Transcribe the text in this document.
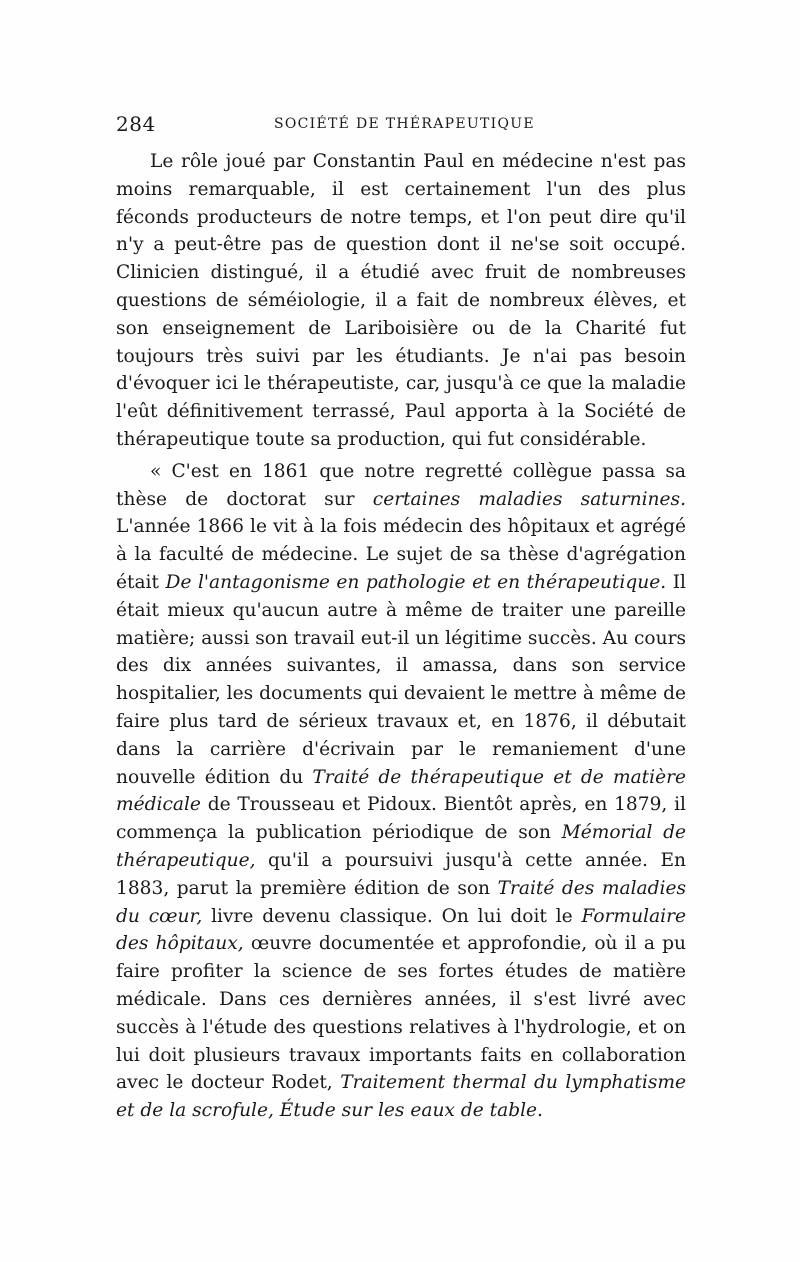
284	SOCIÉTÉ DE THÉRAPEUTIQUE

Le rôle joué par Constantin Paul en médecine n'est pas moins remarquable, il est certainement l'un des plus féconds producteurs de notre temps, et l'on peut dire qu'il n'y a peut-être pas de question dont il ne'se soit occupé. Clinicien distingué, il a étudié avec fruit de nombreuses questions de séméiologie, il a fait de nombreux élèves, et son enseignement de Lariboisière ou de la Charité fut toujours très suivi par les étudiants. Je n'ai pas besoin d'évoquer ici le thérapeutiste, car, jusqu'à ce que la maladie l'eût définitivement terrassé, Paul apporta à la Société de thérapeutique toute sa production, qui fut considérable.

« C'est en 1861 que notre regretté collègue passa sa thèse de doctorat sur certaines maladies saturnines. L'année 1866 le vit à la fois médecin des hôpitaux et agrégé à la faculté de médecine. Le sujet de sa thèse d'agrégation était De l'antagonisme en pathologie et en thérapeutique. Il était mieux qu'aucun autre à même de traiter une pareille matière; aussi son travail eut-il un légitime succès. Au cours des dix années suivantes, il amassa, dans son service hospitalier, les documents qui devaient le mettre à même de faire plus tard de sérieux travaux et, en 1876, il débutait dans la carrière d'écrivain par le remaniement d'une nouvelle édition du Traité de thérapeutique et de matière médicale de Trousseau et Pidoux. Bientôt après, en 1879, il commença la publication périodique de son Mémorial de thérapeutique, qu'il a poursuivi jusqu'à cette année. En 1883, parut la première édition de son Traité des maladies du cœur, livre devenu classique. On lui doit le Formulaire des hôpitaux, œuvre documentée et approfondie, où il a pu faire profiter la science de ses fortes études de matière médicale. Dans ces dernières années, il s'est livré avec succès à l'étude des questions relatives à l'hydrologie, et on lui doit plusieurs travaux importants faits en collaboration avec le docteur Rodet, Traitement thermal du lymphatisme et de la scrofule, Étude sur les eaux de table.
